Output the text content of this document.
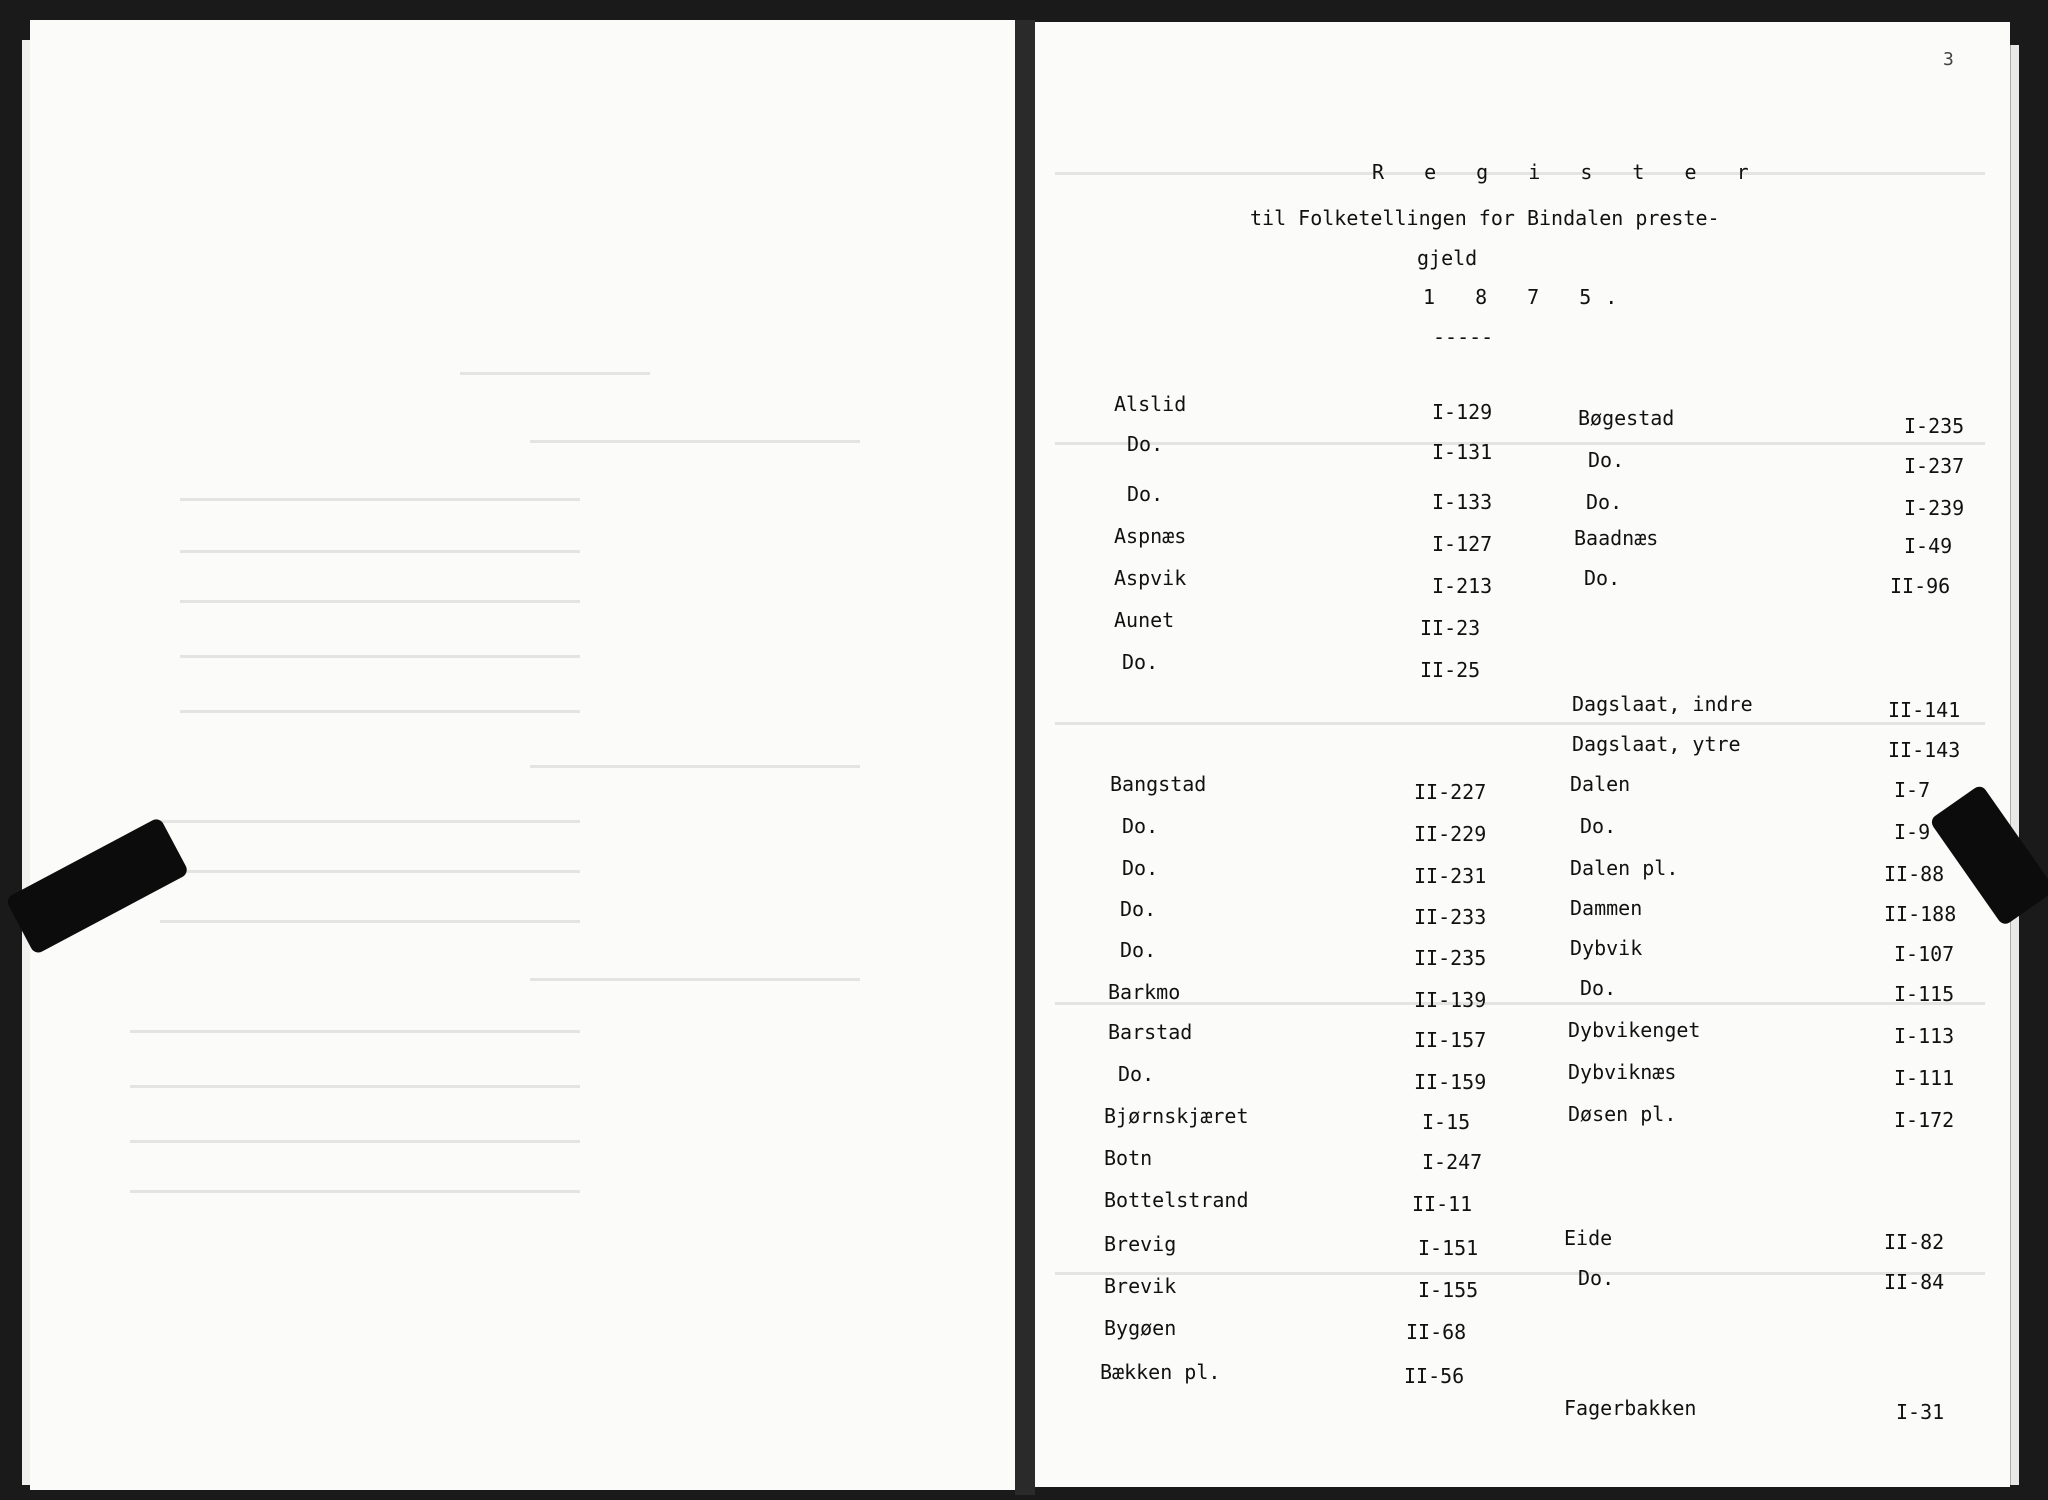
3
R e g i s t e r
til Folketellingen for Bindalen preste-
gjeld
1 8 7 5.
-----
Alslid	I-129
Do.	I-131
Do.	I-133
Aspnæs	I-127
Aspvik	I-213
Aunet	II-23
Do.	II-25
Bangstad	II-227
Do.	II-229
Do.	II-231
Do.	II-233
Do.	II-235
Barkmo	II-139
Barstad	II-157
Do.	II-159
Bjørnskjæret	I-15
Botn	I-247
Bottelstrand	II-11
Brevig	I-151
Brevik	I-155
Bygøen	II-68
Bækken pl.	II-56
Bøgestad	I-235
Do.	I-237
Do.	I-239
Baadnæs	I-49
Do.	II-96
Dagslaat, indre	II-141
Dagslaat, ytre	II-143
Dalen	I-7
Do.	I-9
Dalen pl.	II-88
Dammen	II-188
Dybvik	I-107
Do.	I-115
Dybvikenget	I-113
Dybviknæs	I-111
Døsen pl.	I-172
Eide	II-82
Do.	II-84
Fagerbakken	I-31
